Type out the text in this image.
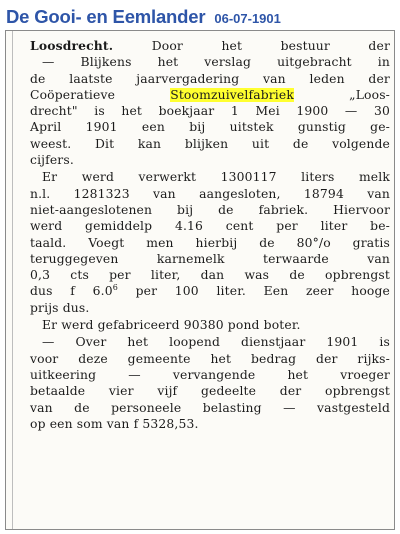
De Gooi- en Eemlander 06-07-1901
Loosdrecht.	Door het bestuur der
— Blijkens het verslag uitgebracht in
de laatste jaarvergadering van leden der
Coöperatieve Stoomzuivelfabriek „Loos-
drecht" is het boekjaar 1 Mei 1900 — 30
April 1901 een bij uitstek gunstig ge-
weest. Dit kan blijken uit de volgende
cijfers.
Er werd verwerkt 1300117 liters melk
n.l. 1281323 van aangesloten, 18794 van
niet-aangeslotenen bij de fabriek. Hiervoor
werd gemiddelp 4.16 cent per liter be-
taald. Voegt men hierbij de 80°/o gratis
teruggegeven karnemelk terwaarde van
0,3 cts per liter, dan was de opbrengst
dus f $6.0^6$ per 100 liter. Een zeer hooge
prijs dus.
Er werd gefabriceerd 90380 pond boter.
— Over het loopend dienstjaar 1901 is
voor deze gemeente het bedrag der rijks-
uitkeering — vervangende het vroeger
betaalde vier vijf gedeelte der opbrengst
van de personeele belasting — vastgesteld
op een som van f 5328,53.
